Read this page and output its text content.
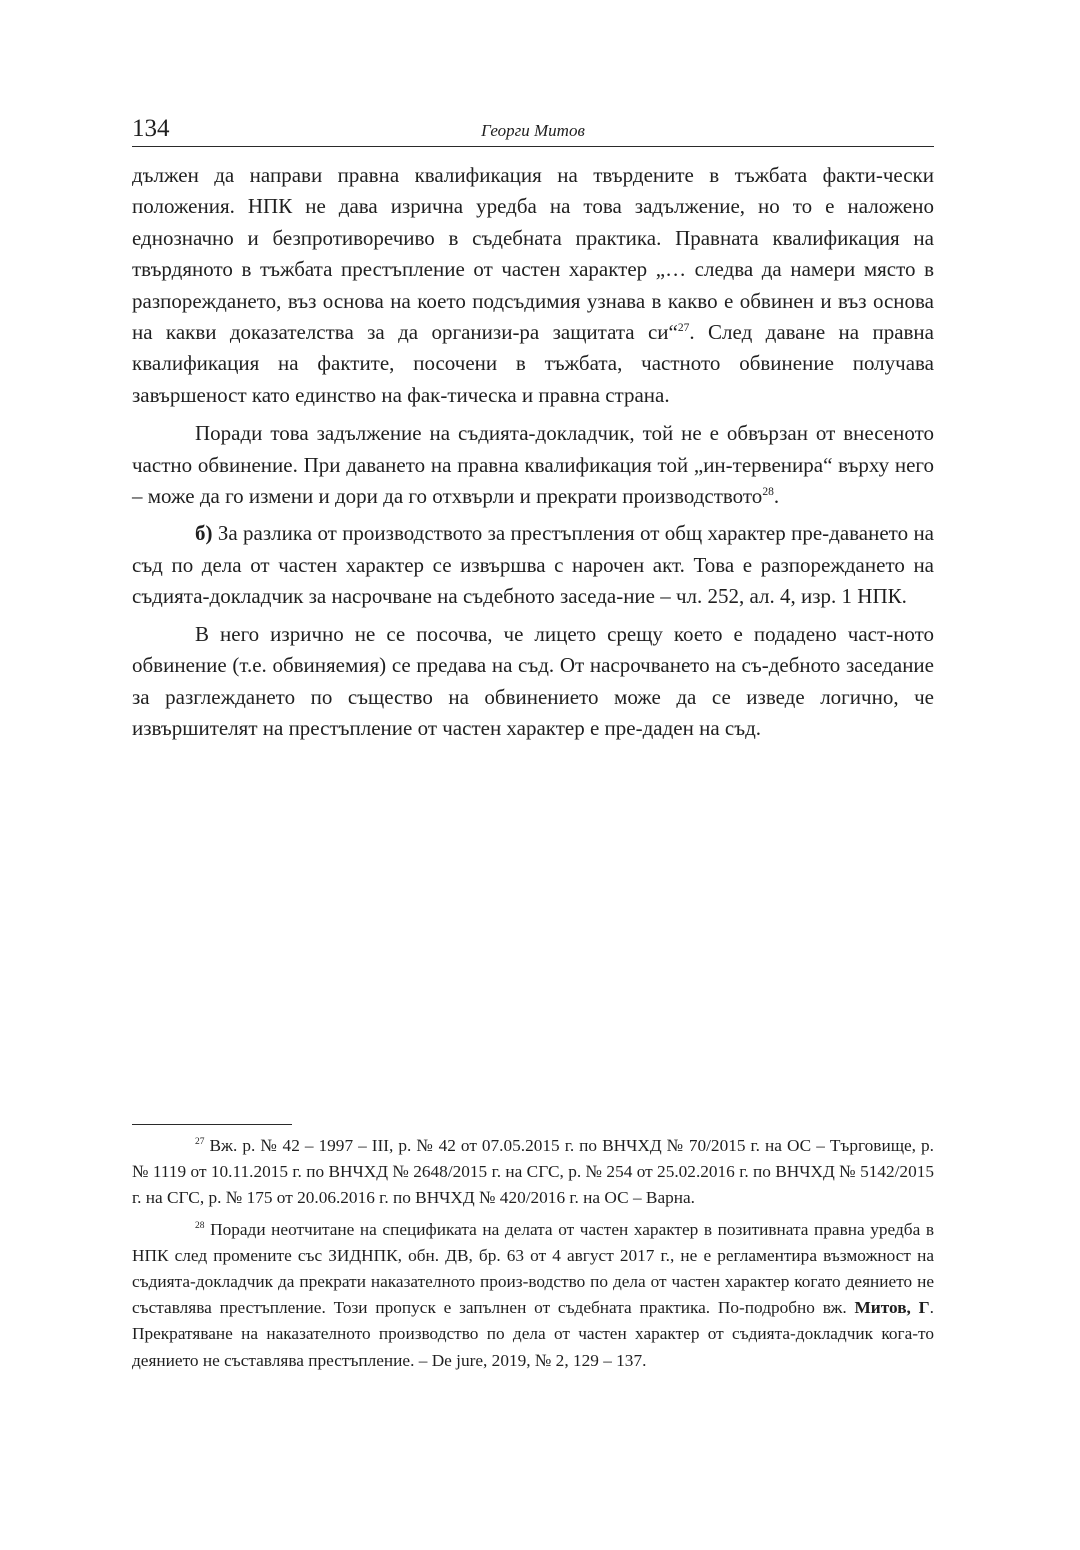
134	Георги Митов

дължен да направи правна квалификация на твърдените в тъжбата факти-чески положения. НПК не дава изрична уредба на това задължение, но то е наложено еднозначно и безпротиворечиво в съдебната практика. Правната квалификация на твърдяното в тъжбата престъпление от частен характер „… следва да намери място в разпореждането, въз основа на което подсъдимия узнава в какво е обвинен и въз основа на какви доказателства за да организи-ра защитата си“$^{27}$. След даване на правна квалификация на фактите, посочени в тъжбата, частното обвинение получава завършеност като единство на фак-тическа и правна страна.

Поради това задължение на съдията-докладчик, той не е обвързан от внесеното частно обвинение. При даването на правна квалификация той „ин-тервенира“ върху него – може да го измени и дори да го отхвърли и прекрати производството$^{28}$.

б) За разлика от производството за престъпления от общ характер пре-даването на съд по дела от частен характер се извършва с нарочен акт. Това е разпореждането на съдията-докладчик за насрочване на съдебното заседа-ние – чл. 252, ал. 4, изр. 1 НПК.

В него изрично не се посочва, че лицето срещу което е подадено част-ното обвинение (т.е. обвиняемия) се предава на съд. От насрочването на съ-дебното заседание за разглеждането по същество на обвинението може да се изведе логично, че извършителят на престъпление от частен характер е пре-даден на съд.

$^{27}$ Вж. р. № 42 – 1997 – III, р. № 42 от 07.05.2015 г. по ВНЧХД № 70/2015 г. на ОС – Търговище, р. № 1119 от 10.11.2015 г. по ВНЧХД № 2648/2015 г. на СГС, р. № 254 от 25.02.2016 г. по ВНЧХД № 5142/2015 г. на СГС, р. № 175 от 20.06.2016 г. по ВНЧХД № 420/2016 г. на ОС – Варна.

$^{28}$ Поради неотчитане на спецификата на делата от частен характер в позитивната правна уредба в НПК след промените със ЗИДНПК, обн. ДВ, бр. 63 от 4 август 2017 г., не е регламентира възможност на съдията-докладчик да прекрати наказателното произ-водство по дела от частен характер когато деянието не съставлява престъпление. Този пропуск е запълнен от съдебната практика. По-подробно вж. Митов, Г. Прекратяване на наказателното производство по дела от частен характер от съдията-докладчик кога-то деянието не съставлява престъпление. – De jure, 2019, № 2, 129 – 137.
